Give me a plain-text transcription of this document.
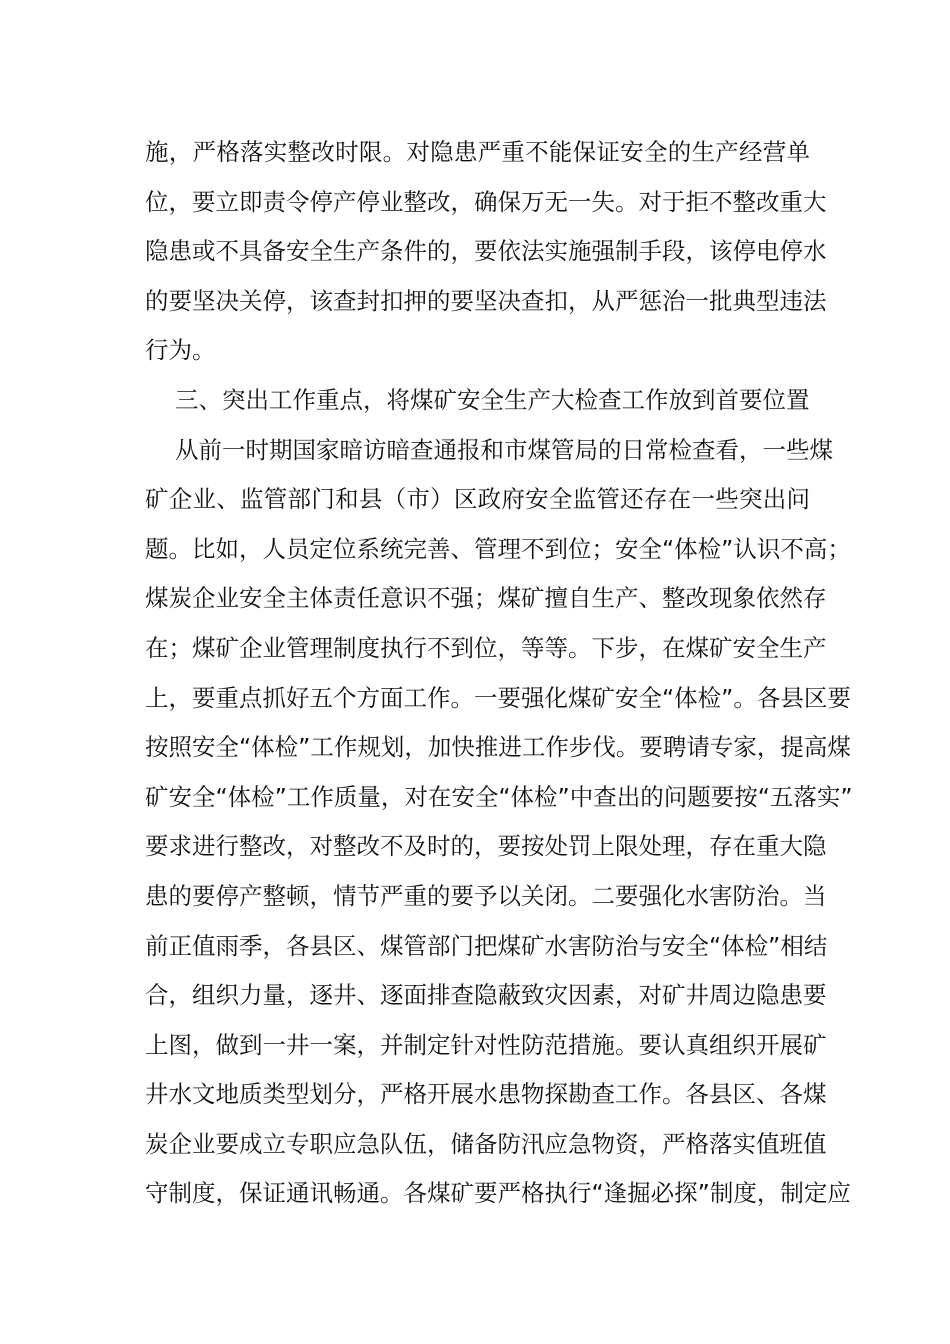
施，严格落实整改时限。对隐患严重不能保证安全的生产经营单
位，要立即责令停产停业整改，确保万无一失。对于拒不整改重大
隐患或不具备安全生产条件的，要依法实施强制手段，该停电停水
的要坚决关停，该查封扣押的要坚决查扣，从严惩治一批典型违法
行为。
三、突出工作重点，将煤矿安全生产大检查工作放到首要位置
从前一时期国家暗访暗查通报和市煤管局的日常检查看，一些煤
矿企业、监管部门和县（市）区政府安全监管还存在一些突出问
题。比如，人员定位系统完善、管理不到位；安全“体检”认识不高；
煤炭企业安全主体责任意识不强；煤矿擅自生产、整改现象依然存
在；煤矿企业管理制度执行不到位，等等。下步，在煤矿安全生产
上，要重点抓好五个方面工作。一要强化煤矿安全“体检”。各县区要
按照安全“体检”工作规划，加快推进工作步伐。要聘请专家，提高煤
矿安全“体检”工作质量，对在安全“体检”中查出的问题要按“五落实”
要求进行整改，对整改不及时的，要按处罚上限处理，存在重大隐
患的要停产整顿，情节严重的要予以关闭。二要强化水害防治。当
前正值雨季，各县区、煤管部门把煤矿水害防治与安全“体检”相结
合，组织力量，逐井、逐面排查隐蔽致灾因素，对矿井周边隐患要
上图，做到一井一案，并制定针对性防范措施。要认真组织开展矿
井水文地质类型划分，严格开展水患物探勘查工作。各县区、各煤
炭企业要成立专职应急队伍，储备防汛应急物资，严格落实值班值
守制度，保证通讯畅通。各煤矿要严格执行“逢掘必探”制度，制定应
